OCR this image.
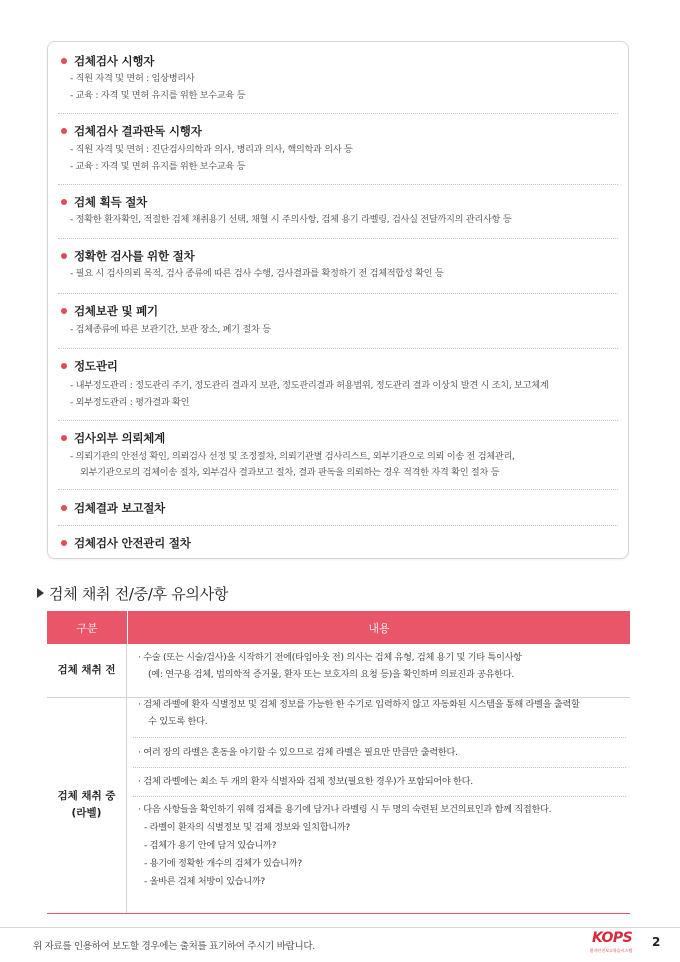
검체검사 시행자
- 직원 자격 및 면허 : 임상병리사
- 교육 : 자격 및 면허 유지를 위한 보수교육 등
검체검사 결과판독 시행자
- 직원 자격 및 면허 : 진단검사의학과 의사, 병리과 의사, 핵의학과 의사 등
- 교육 : 자격 및 면허 유지를 위한 보수교육 등
검체 획득 절차
- 정확한 환자확인, 적절한 검체 채취용기 선택, 채혈 시 주의사항, 검체 용기 라벨링, 검사실 전달까지의 관리사항 등
정확한 검사를 위한 절차
- 필요 시 검사의뢰 목적, 검사 종류에 따른 검사 수행, 검사결과를 확정하기 전 검체적합성 확인 등
검체보관 및 폐기
- 검체종류에 따른 보관기간, 보관 장소, 폐기 절차 등
정도관리
- 내부정도관리 : 정도관리 주기, 정도관리 결과지 보관, 정도관리결과 허용범위, 정도관리 결과 이상치 발견 시 조치, 보고체계
- 외부정도관리 : 평가결과 확인
검사외부 의뢰체계
- 의뢰기관의 안전성 확인, 의뢰검사 선정 및 조정절차, 의뢰기관별 검사리스트, 외부기관으로 의뢰 이송 전 검체관리,
외부기관으로의 검체이송 절차, 외부검사 결과보고 절차, 결과 판독을 의뢰하는 경우 적격한 자격 확인 절차 등
검체결과 보고절차
검체검사 안전관리 절차
검체 채취 전/중/후 유의사항
구분	내용
검체 채취 전
· 수술 (또는 시술/검사)을 시작하기 전에(타임아웃 전) 의사는 검체 유형, 검체 용기 및 기타 특이사항
(예: 연구용 검체, 법의학적 증거물, 환자 또는 보호자의 요청 등)을 확인하며 의료진과 공유한다.
검체 채취 중
(라벨)
· 검체 라벨에 환자 식별정보 및 검체 정보를 가능한 한 수기로 입력하지 않고 자동화된 시스템을 통해 라벨을 출력할
수 있도록 한다.
· 여러 장의 라벨은 혼동을 야기할 수 있으므로 검체 라벨은 필요만 만큼만 출력한다.
· 검체 라벨에는 최소 두 개의 환자 식별자와 검체 정보(필요한 경우)가 포함되어야 한다.
· 다음 사항들을 확인하기 위해 검체를 용기에 담거나 라벨링 시 두 명의 숙련된 보건의료인과 함께 직접한다.
- 라벨이 환자의 식별정보 및 검체 정보와 일치합니까?
- 검체가 용기 안에 담겨 있습니까?
- 용기에 정확한 개수의 검체가 있습니까?
- 올바른 검체 처방이 있습니까?
위 자료를 인용하여 보도할 경우에는 출처를 표기하여 주시기 바랍니다.
KOPS
환자안전보고학습시스템
2
